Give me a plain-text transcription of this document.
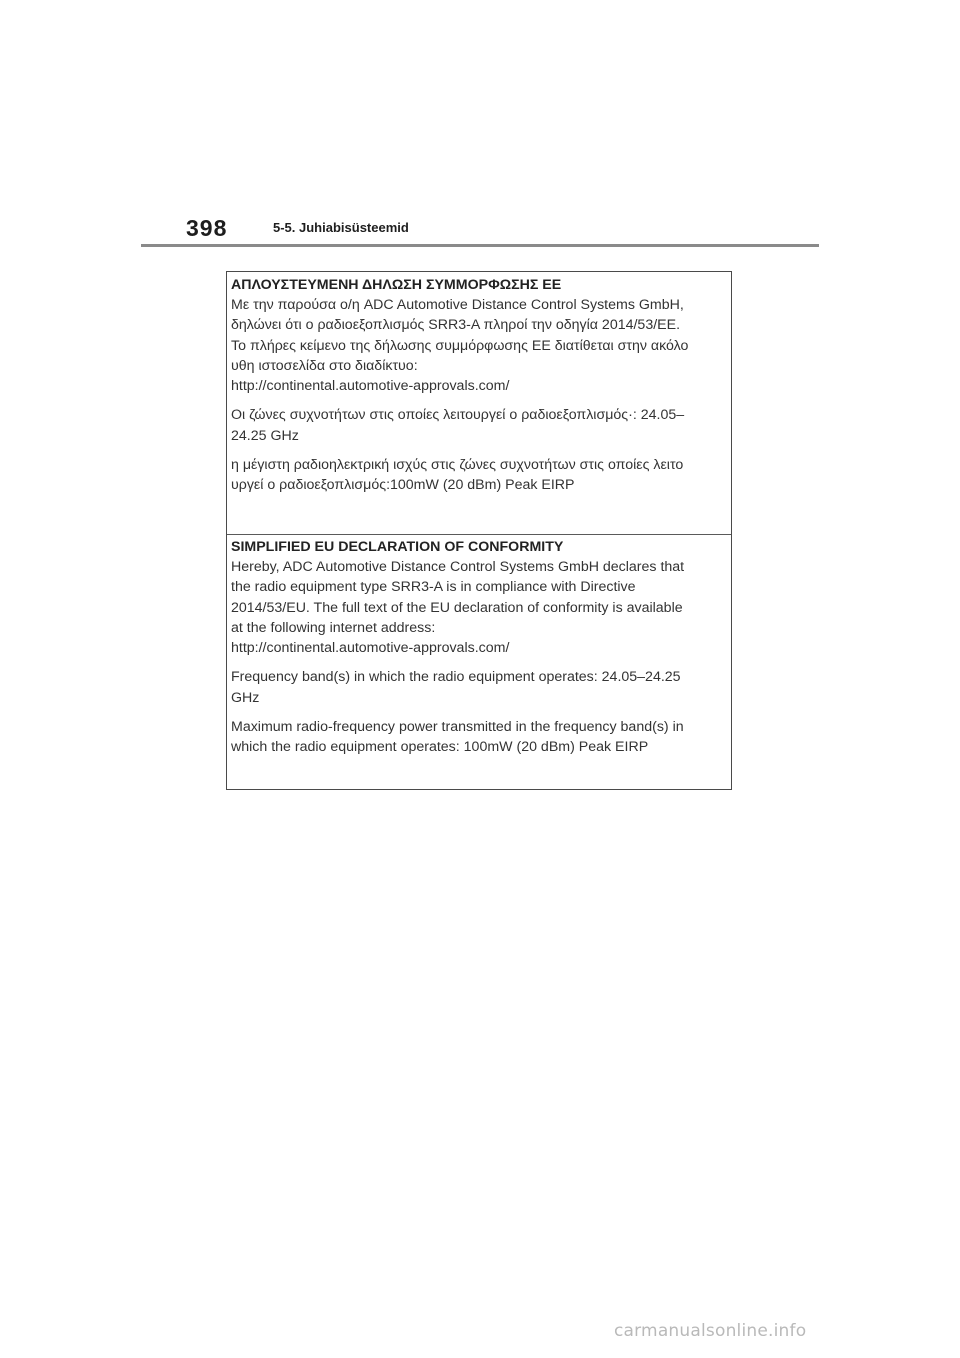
398	5-5. Juhiabisüsteemid
ΑΠΛΟΥΣΤΕΥΜΕΝΗ ΔΗΛΩΣΗ ΣΥΜΜΟΡΦΩΣΗΣ ΕΕ
Με την παρούσα ο/η ADC Automotive Distance Control Systems GmbH,
δηλώνει ότι ο ραδιοεξοπλισμός SRR3-A πληροί την οδηγία 2014/53/ΕΕ.
Το πλήρες κείμενο της δήλωσης συμμόρφωσης ΕΕ διατίθεται στην ακόλο
υθη ιστοσελίδα στο διαδίκτυο:
http://continental.automotive-approvals.com/
Οι ζώνες συχνοτήτων στις οποίες λειτουργεί ο ραδιοεξοπλισμός·: 24.05–
24.25 GHz
η μέγιστη ραδιοηλεκτρική ισχύς στις ζώνες συχνοτήτων στις οποίες λειτο
υργεί ο ραδιοεξοπλισμός:100mW (20 dBm) Peak EIRP
SIMPLIFIED EU DECLARATION OF CONFORMITY
Hereby, ADC Automotive Distance Control Systems GmbH declares that
the radio equipment type SRR3-A is in compliance with Directive
2014/53/EU. The full text of the EU declaration of conformity is available
at the following internet address:
http://continental.automotive-approvals.com/
Frequency band(s) in which the radio equipment operates: 24.05–24.25
GHz
Maximum radio-frequency power transmitted in the frequency band(s) in
which the radio equipment operates: 100mW (20 dBm) Peak EIRP
carmanualsonline.info
